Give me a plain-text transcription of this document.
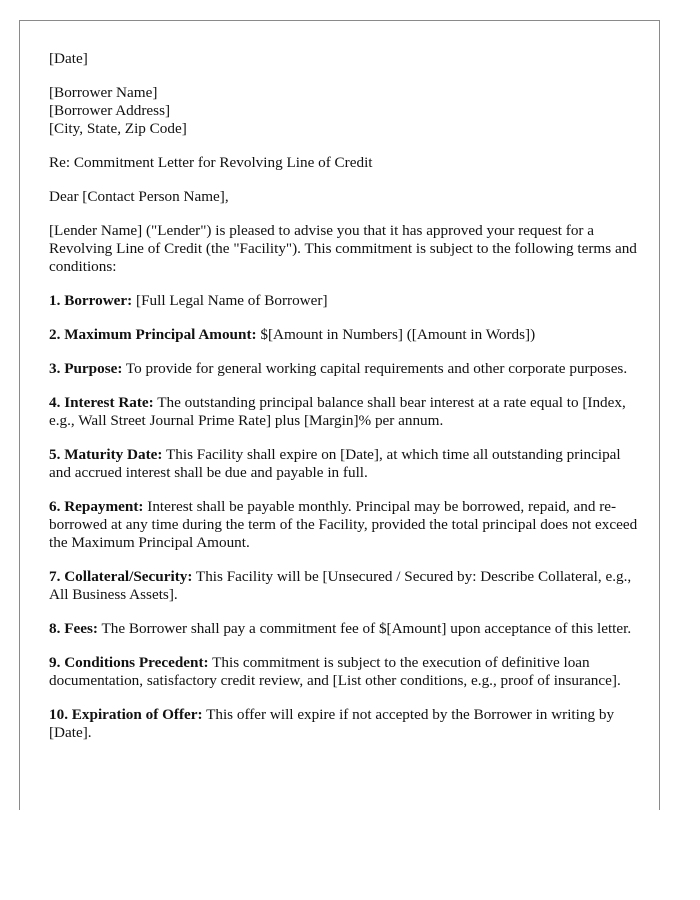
[Date]
[Borrower Name]
[Borrower Address]
[City, State, Zip Code]
Re: Commitment Letter for Revolving Line of Credit
Dear [Contact Person Name],
[Lender Name] ("Lender") is pleased to advise you that it has approved your request for a Revolving Line of Credit (the "Facility"). This commitment is subject to the following terms and conditions:
1. Borrower: [Full Legal Name of Borrower]
2. Maximum Principal Amount: $[Amount in Numbers] ([Amount in Words])
3. Purpose: To provide for general working capital requirements and other corporate purposes.
4. Interest Rate: The outstanding principal balance shall bear interest at a rate equal to [Index, e.g., Wall Street Journal Prime Rate] plus [Margin]% per annum.
5. Maturity Date: This Facility shall expire on [Date], at which time all outstanding principal and accrued interest shall be due and payable in full.
6. Repayment: Interest shall be payable monthly. Principal may be borrowed, repaid, and re-borrowed at any time during the term of the Facility, provided the total principal does not exceed the Maximum Principal Amount.
7. Collateral/Security: This Facility will be [Unsecured / Secured by: Describe Collateral, e.g., All Business Assets].
8. Fees: The Borrower shall pay a commitment fee of $[Amount] upon acceptance of this letter.
9. Conditions Precedent: This commitment is subject to the execution of definitive loan documentation, satisfactory credit review, and [List other conditions, e.g., proof of insurance].
10. Expiration of Offer: This offer will expire if not accepted by the Borrower in writing by [Date].
